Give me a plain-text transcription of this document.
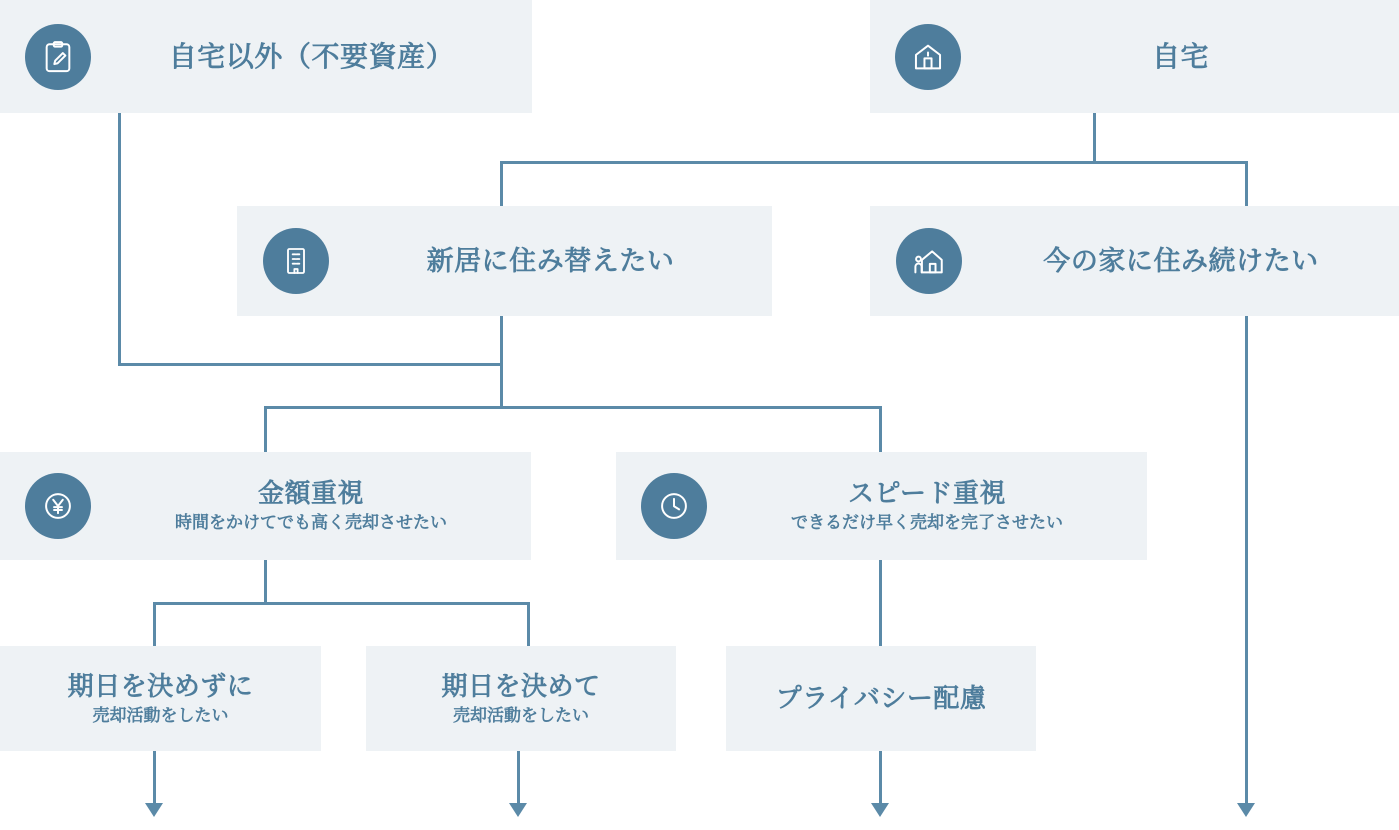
自宅以外（不要資産）	自宅
新居に住み替えたい	今の家に住み続けたい
金額重視
時間をかけてでも高く売却させたい
スピード重視
できるだけ早く売却を完了させたい
期日を決めずに
売却活動をしたい
期日を決めて
売却活動をしたい
プライバシー配慮
